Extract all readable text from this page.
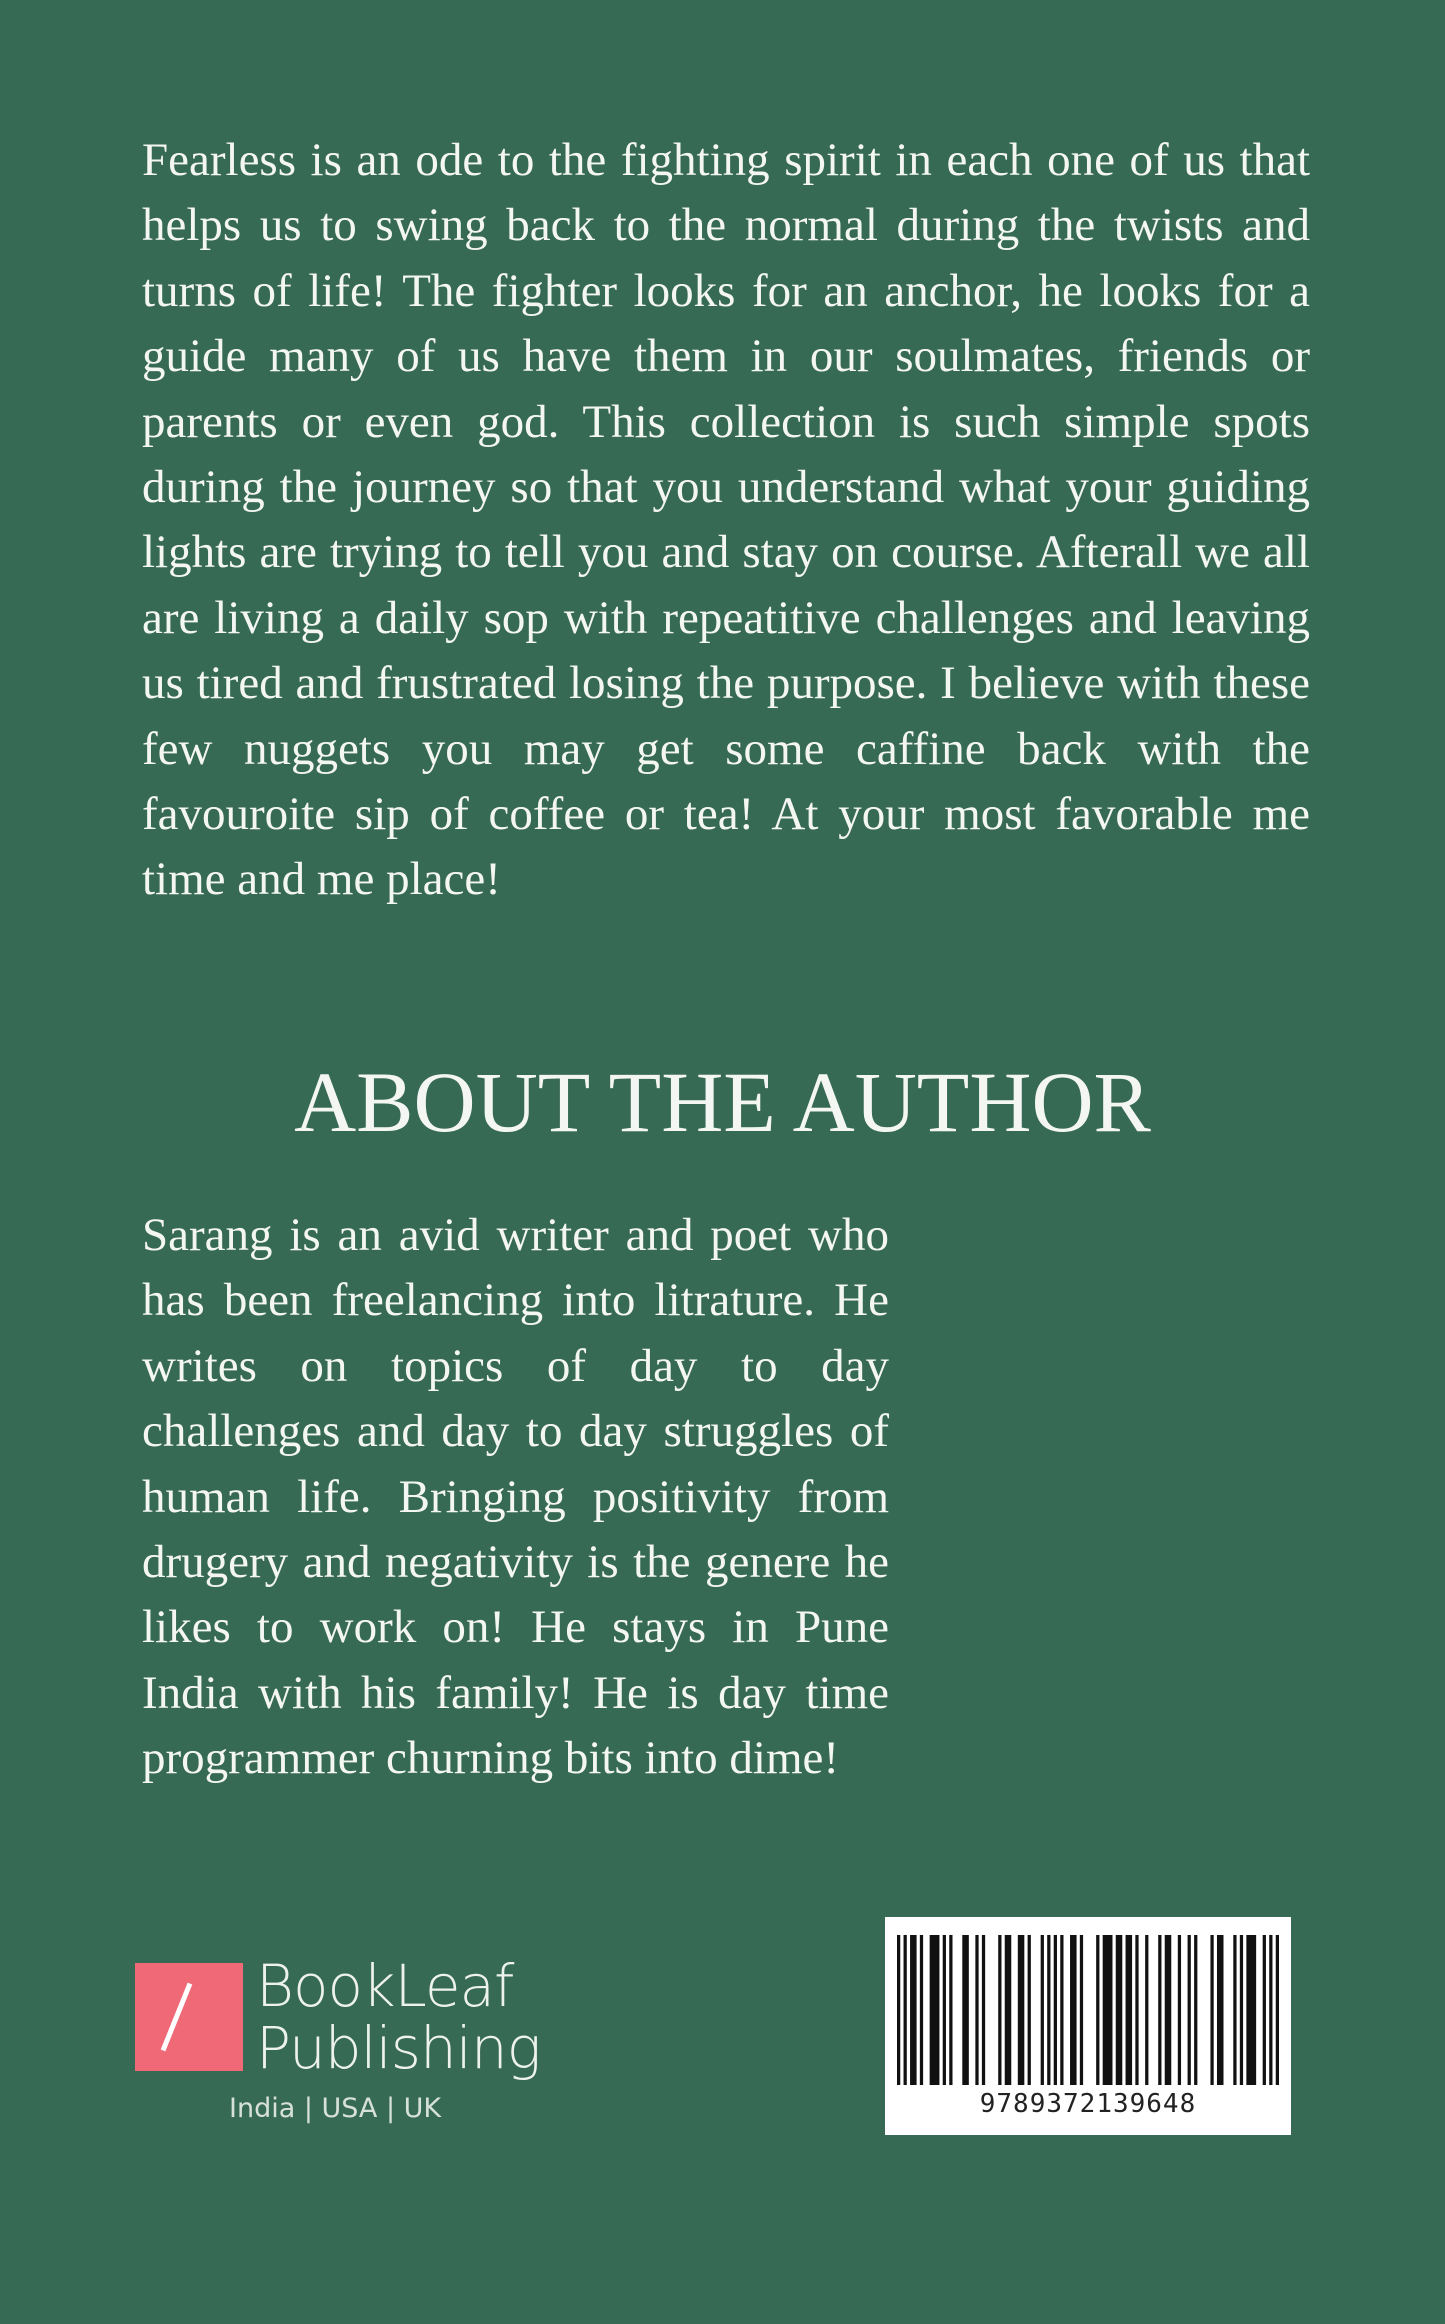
Fearless is an ode to the fighting spirit in each one of us that helps us to swing back to the normal during the twists and turns of life! The fighter looks for an anchor, he looks for a guide many of us have them in our soulmates, friends or parents or even god. This collection is such simple spots during the journey so that you understand what your guiding lights are trying to tell you and stay on course. Afterall we all are living a daily sop with repeatitive challenges and leaving us tired and frustrated losing the purpose. I believe with these few nuggets you may get some caffine back with the favouroite sip of coffee or tea! At your most favorable me time and me place!

ABOUT THE AUTHOR

Sarang is an avid writer and poet who has been freelancing into litrature. He writes on topics of day to day challenges and day to day struggles of human life. Bringing positivity from drugery and negativity is the genere he likes to work on! He stays in Pune India with his family! He is day time programmer churning bits into dime!

BookLeaf
Publishing
India | USA | UK	9789372139648
